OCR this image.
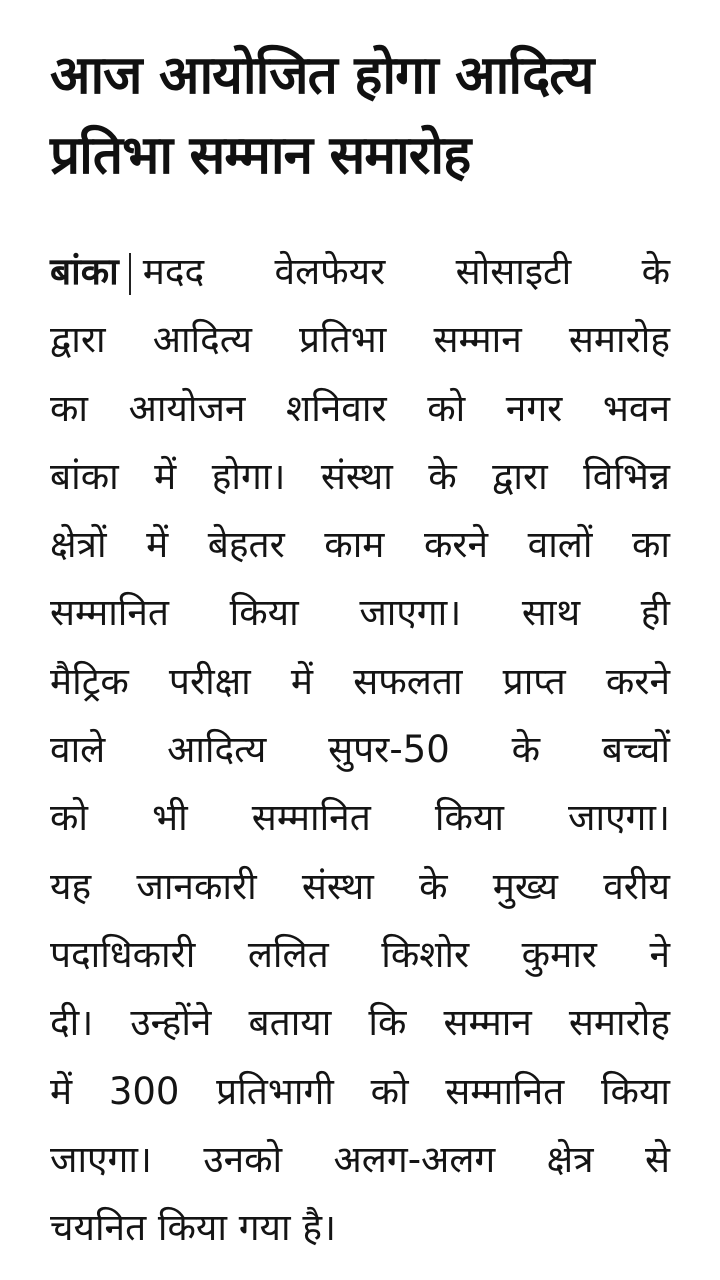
आज आयोजित होगा आदित्य
प्रतिभा सम्मान समारोह
बांका मदद वेलफेयर सोसाइटी के
द्वारा आदित्य प्रतिभा सम्मान समारोह
का आयोजन शनिवार को नगर भवन
बांका में होगा। संस्था के द्वारा विभिन्न
क्षेत्रों में बेहतर काम करने वालों का
सम्मानित किया जाएगा। साथ ही
मैट्रिक परीक्षा में सफलता प्राप्त करने
वाले आदित्य सुपर-50 के बच्चों
को भी सम्मानित किया जाएगा।
यह जानकारी संस्था के मुख्य वरीय
पदाधिकारी ललित किशोर कुमार ने
दी। उन्होंने बताया कि सम्मान समारोह
में 300 प्रतिभागी को सम्मानित किया
जाएगा। उनको अलग-अलग क्षेत्र से
चयनित किया गया है।
